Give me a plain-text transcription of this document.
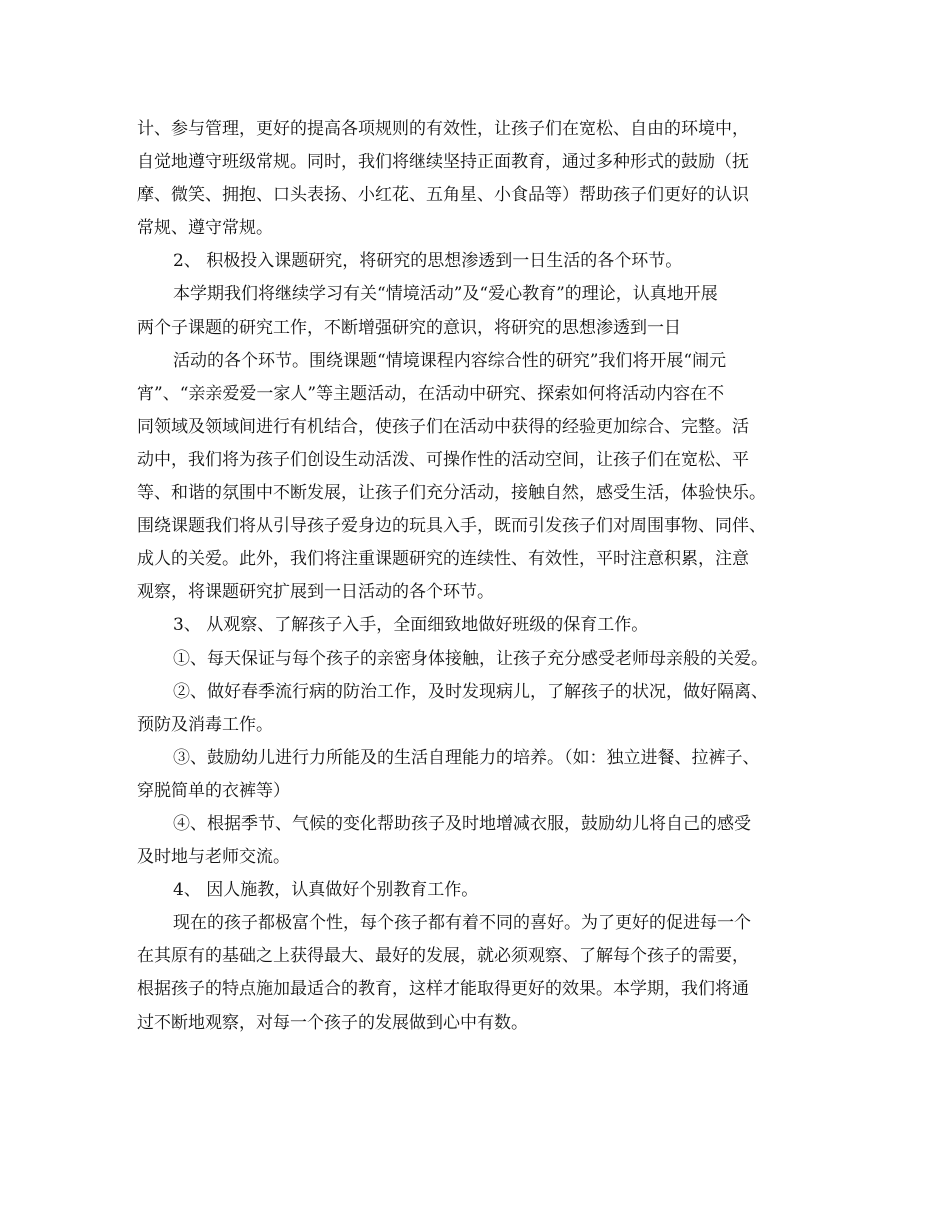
计、参与管理，更好的提高各项规则的有效性，让孩子们在宽松、自由的环境中，
自觉地遵守班级常规。同时，我们将继续坚持正面教育，通过多种形式的鼓励（抚
摩、微笑、拥抱、口头表扬、小红花、五角星、小食品等）帮助孩子们更好的认识
常规、遵守常规。
2、 积极投入课题研究，将研究的思想渗透到一日生活的各个环节。
本学期我们将继续学习有关“情境活动”及“爱心教育”的理论，认真地开展
两个子课题的研究工作，不断增强研究的意识，将研究的思想渗透到一日
活动的各个环节。围绕课题“情境课程内容综合性的研究”我们将开展“闹元
宵”、“亲亲爱爱一家人”等主题活动，在活动中研究、探索如何将活动内容在不
同领域及领域间进行有机结合，使孩子们在活动中获得的经验更加综合、完整。活
动中，我们将为孩子们创设生动活泼、可操作性的活动空间，让孩子们在宽松、平
等、和谐的氛围中不断发展，让孩子们充分活动，接触自然，感受生活，体验快乐。
围绕课题我们将从引导孩子爱身边的玩具入手，既而引发孩子们对周围事物、同伴、
成人的关爱。此外，我们将注重课题研究的连续性、有效性，平时注意积累，注意
观察，将课题研究扩展到一日活动的各个环节。
3、 从观察、了解孩子入手，全面细致地做好班级的保育工作。
①、每天保证与每个孩子的亲密身体接触，让孩子充分感受老师母亲般的关爱。
②、做好春季流行病的防治工作，及时发现病儿，了解孩子的状况，做好隔离、
预防及消毒工作。
③、鼓励幼儿进行力所能及的生活自理能力的培养。（如：独立进餐、拉裤子、
穿脱简单的衣裤等）
④、根据季节、气候的变化帮助孩子及时地增减衣服，鼓励幼儿将自己的感受
及时地与老师交流。
4、 因人施教，认真做好个别教育工作。
现在的孩子都极富个性，每个孩子都有着不同的喜好。为了更好的促进每一个
在其原有的基础之上获得最大、最好的发展，就必须观察、了解每个孩子的需要，
根据孩子的特点施加最适合的教育，这样才能取得更好的效果。本学期，我们将通
过不断地观察，对每一个孩子的发展做到心中有数。
